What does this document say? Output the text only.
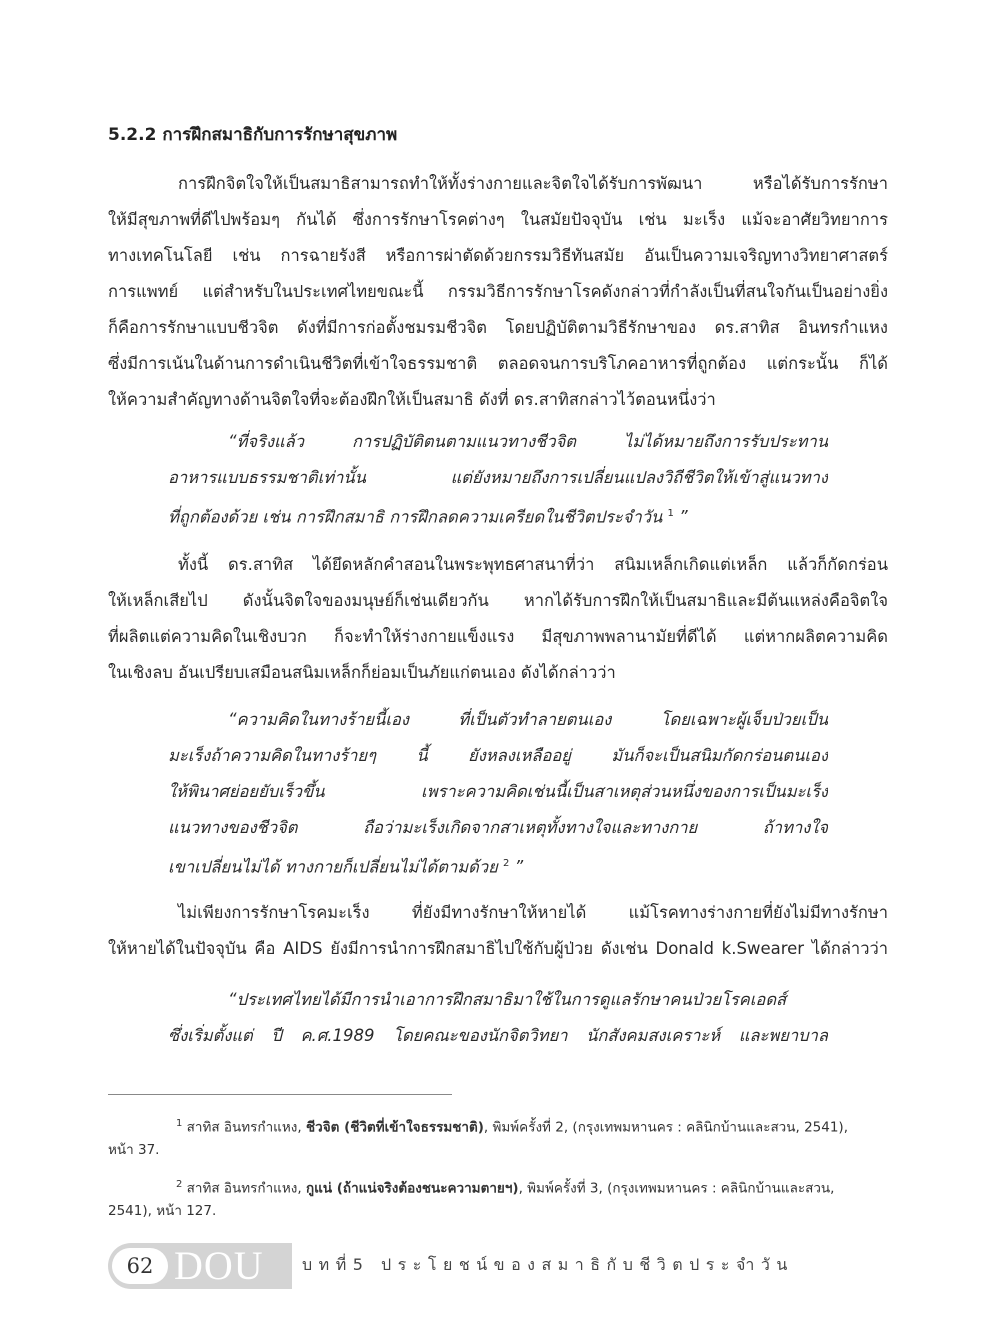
5.2.2 การฝึกสมาธิกับการรักษาสุขภาพ
การฝึกจิตใจให้เป็นสมาธิสามารถทำให้ทั้งร่างกายและจิตใจได้รับการพัฒนา หรือได้รับการรักษา
ให้มีสุขภาพที่ดีไปพร้อมๆ กันได้ ซึ่งการรักษาโรคต่างๆ ในสมัยปัจจุบัน เช่น มะเร็ง แม้จะอาศัยวิทยาการ
ทางเทคโนโลยี เช่น การฉายรังสี หรือการผ่าตัดด้วยกรรมวิธีทันสมัย อันเป็นความเจริญทางวิทยาศาสตร์
การแพทย์ แต่สำหรับในประเทศไทยขณะนี้ กรรมวิธีการรักษาโรคดังกล่าวที่กำลังเป็นที่สนใจกันเป็นอย่างยิ่ง
ก็คือการรักษาแบบชีวจิต ดังที่มีการก่อตั้งชมรมชีวจิต โดยปฏิบัติตามวิธีรักษาของ ดร.สาทิส อินทรกำแหง
ซึ่งมีการเน้นในด้านการดำเนินชีวิตที่เข้าใจธรรมชาติ ตลอดจนการบริโภคอาหารที่ถูกต้อง แต่กระนั้น ก็ได้
ให้ความสำคัญทางด้านจิตใจที่จะต้องฝึกให้เป็นสมาธิ ดังที่ ดร.สาทิสกล่าวไว้ตอนหนึ่งว่า
“ที่จริงแล้ว การปฏิบัติตนตามแนวทางชีวจิต ไม่ได้หมายถึงการรับประทาน
อาหารแบบธรรมชาติเท่านั้น แต่ยังหมายถึงการเปลี่ยนแปลงวิถีชีวิตให้เข้าสู่แนวทาง
ที่ถูกต้องด้วย เช่น การฝึกสมาธิ การฝึกลดความเครียดในชีวิตประจำวัน $^1$ ”
ทั้งนี้ ดร.สาทิส ได้ยึดหลักคำสอนในพระพุทธศาสนาที่ว่า สนิมเหล็กเกิดแต่เหล็ก แล้วก็กัดกร่อน
ให้เหล็กเสียไป ดังนั้นจิตใจของมนุษย์ก็เช่นเดียวกัน หากได้รับการฝึกให้เป็นสมาธิและมีต้นแหล่งคือจิตใจ
ที่ผลิตแต่ความคิดในเชิงบวก ก็จะทำให้ร่างกายแข็งแรง มีสุขภาพพลานามัยที่ดีได้ แต่หากผลิตความคิด
ในเชิงลบ อันเปรียบเสมือนสนิมเหล็กก็ย่อมเป็นภัยแก่ตนเอง ดังได้กล่าวว่า
“ความคิดในทางร้ายนี้เอง ที่เป็นตัวทำลายตนเอง โดยเฉพาะผู้เจ็บป่วยเป็น
มะเร็งถ้าความคิดในทางร้ายๆ นี้ ยังหลงเหลืออยู่ มันก็จะเป็นสนิมกัดกร่อนตนเอง
ให้พินาศย่อยยับเร็วขึ้น เพราะความคิดเช่นนี้เป็นสาเหตุส่วนหนึ่งของการเป็นมะเร็ง
แนวทางของชีวจิต ถือว่ามะเร็งเกิดจากสาเหตุทั้งทางใจและทางกาย ถ้าทางใจ
เขาเปลี่ยนไม่ได้ ทางกายก็เปลี่ยนไม่ได้ตามด้วย $^2$ ”
ไม่เพียงการรักษาโรคมะเร็ง ที่ยังมีทางรักษาให้หายได้ แม้โรคทางร่างกายที่ยังไม่มีทางรักษา
ให้หายได้ในปัจจุบัน คือ AIDS ยังมีการนำการฝึกสมาธิไปใช้กับผู้ป่วย ดังเช่น Donald k.Swearer ได้กล่าวว่า
“ประเทศไทยได้มีการนำเอาการฝึกสมาธิมาใช้ในการดูแลรักษาคนป่วยโรคเอดส์
ซึ่งเริ่มตั้งแต่ ปี ค.ศ.1989 โดยคณะของนักจิตวิทยา นักสังคมสงเคราะห์ และพยาบาล
$^1$ สาทิส อินทรกำแหง, ชีวจิต (ชีวิตที่เข้าใจธรรมชาติ), พิมพ์ครั้งที่ 2, (กรุงเทพมหานคร : คลินิกบ้านและสวน, 2541),
หน้า 37.
$^2$ สาทิส อินทรกำแหง, กูแน่ (ถ้าแน่จริงต้องชนะความตายฯ), พิมพ์ครั้งที่ 3, (กรุงเทพมหานคร : คลินิกบ้านและสวน,
2541), หน้า 127.
62 DOU บทที่5 ประโยชน์ของสมาธิกับชีวิตประจำวัน
